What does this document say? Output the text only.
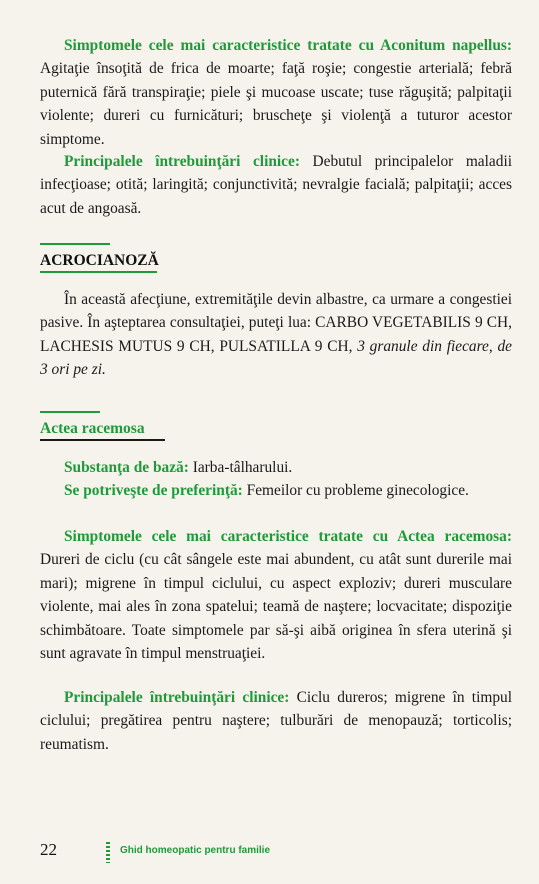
Simptomele cele mai caracteristice tratate cu Aconitum napellus: Agitaţie însoţită de frica de moarte; faţă roşie; congestie arterială; febră puternică fără transpiraţie; piele şi mucoase uscate; tuse răguşită; palpitaţii violente; dureri cu furnicături; bruscheţe şi violenţă a tuturor acestor simptome.
Principalele întrebuinţări clinice: Debutul principalelor maladii infecţioase; otită; laringită; conjunctivită; nevralgie facială; palpitaţii; acces acut de angoasă.
ACROCIANOZĂ
În această afecţiune, extremităţile devin albastre, ca urmare a congestiei pasive. În aşteptarea consultaţiei, puteţi lua: CARBO VEGETABILIS 9 CH, LACHESIS MUTUS 9 CH, PULSATILLA 9 CH, 3 granule din fiecare, de 3 ori pe zi.
Actea racemosa
Substanţa de bază: Iarba-tâlharului.
Se potriveşte de preferinţă: Femeilor cu probleme ginecologice.
Simptomele cele mai caracteristice tratate cu Actea racemosa: Dureri de ciclu (cu cât sângele este mai abundent, cu atât sunt durerile mai mari); migrene în timpul ciclului, cu aspect exploziv; dureri musculare violente, mai ales în zona spatelui; teamă de naştere; locvacitate; dispoziţie schimbătoare. Toate simptomele par să-şi aibă originea în sfera uterină şi sunt agravate în timpul menstruaţiei.
Principalele întrebuinţări clinice: Ciclu dureros; migrene în timpul ciclului; pregătirea pentru naştere; tulburări de menopauză; torticolis; reumatism.
22	Ghid homeopatic pentru familie
